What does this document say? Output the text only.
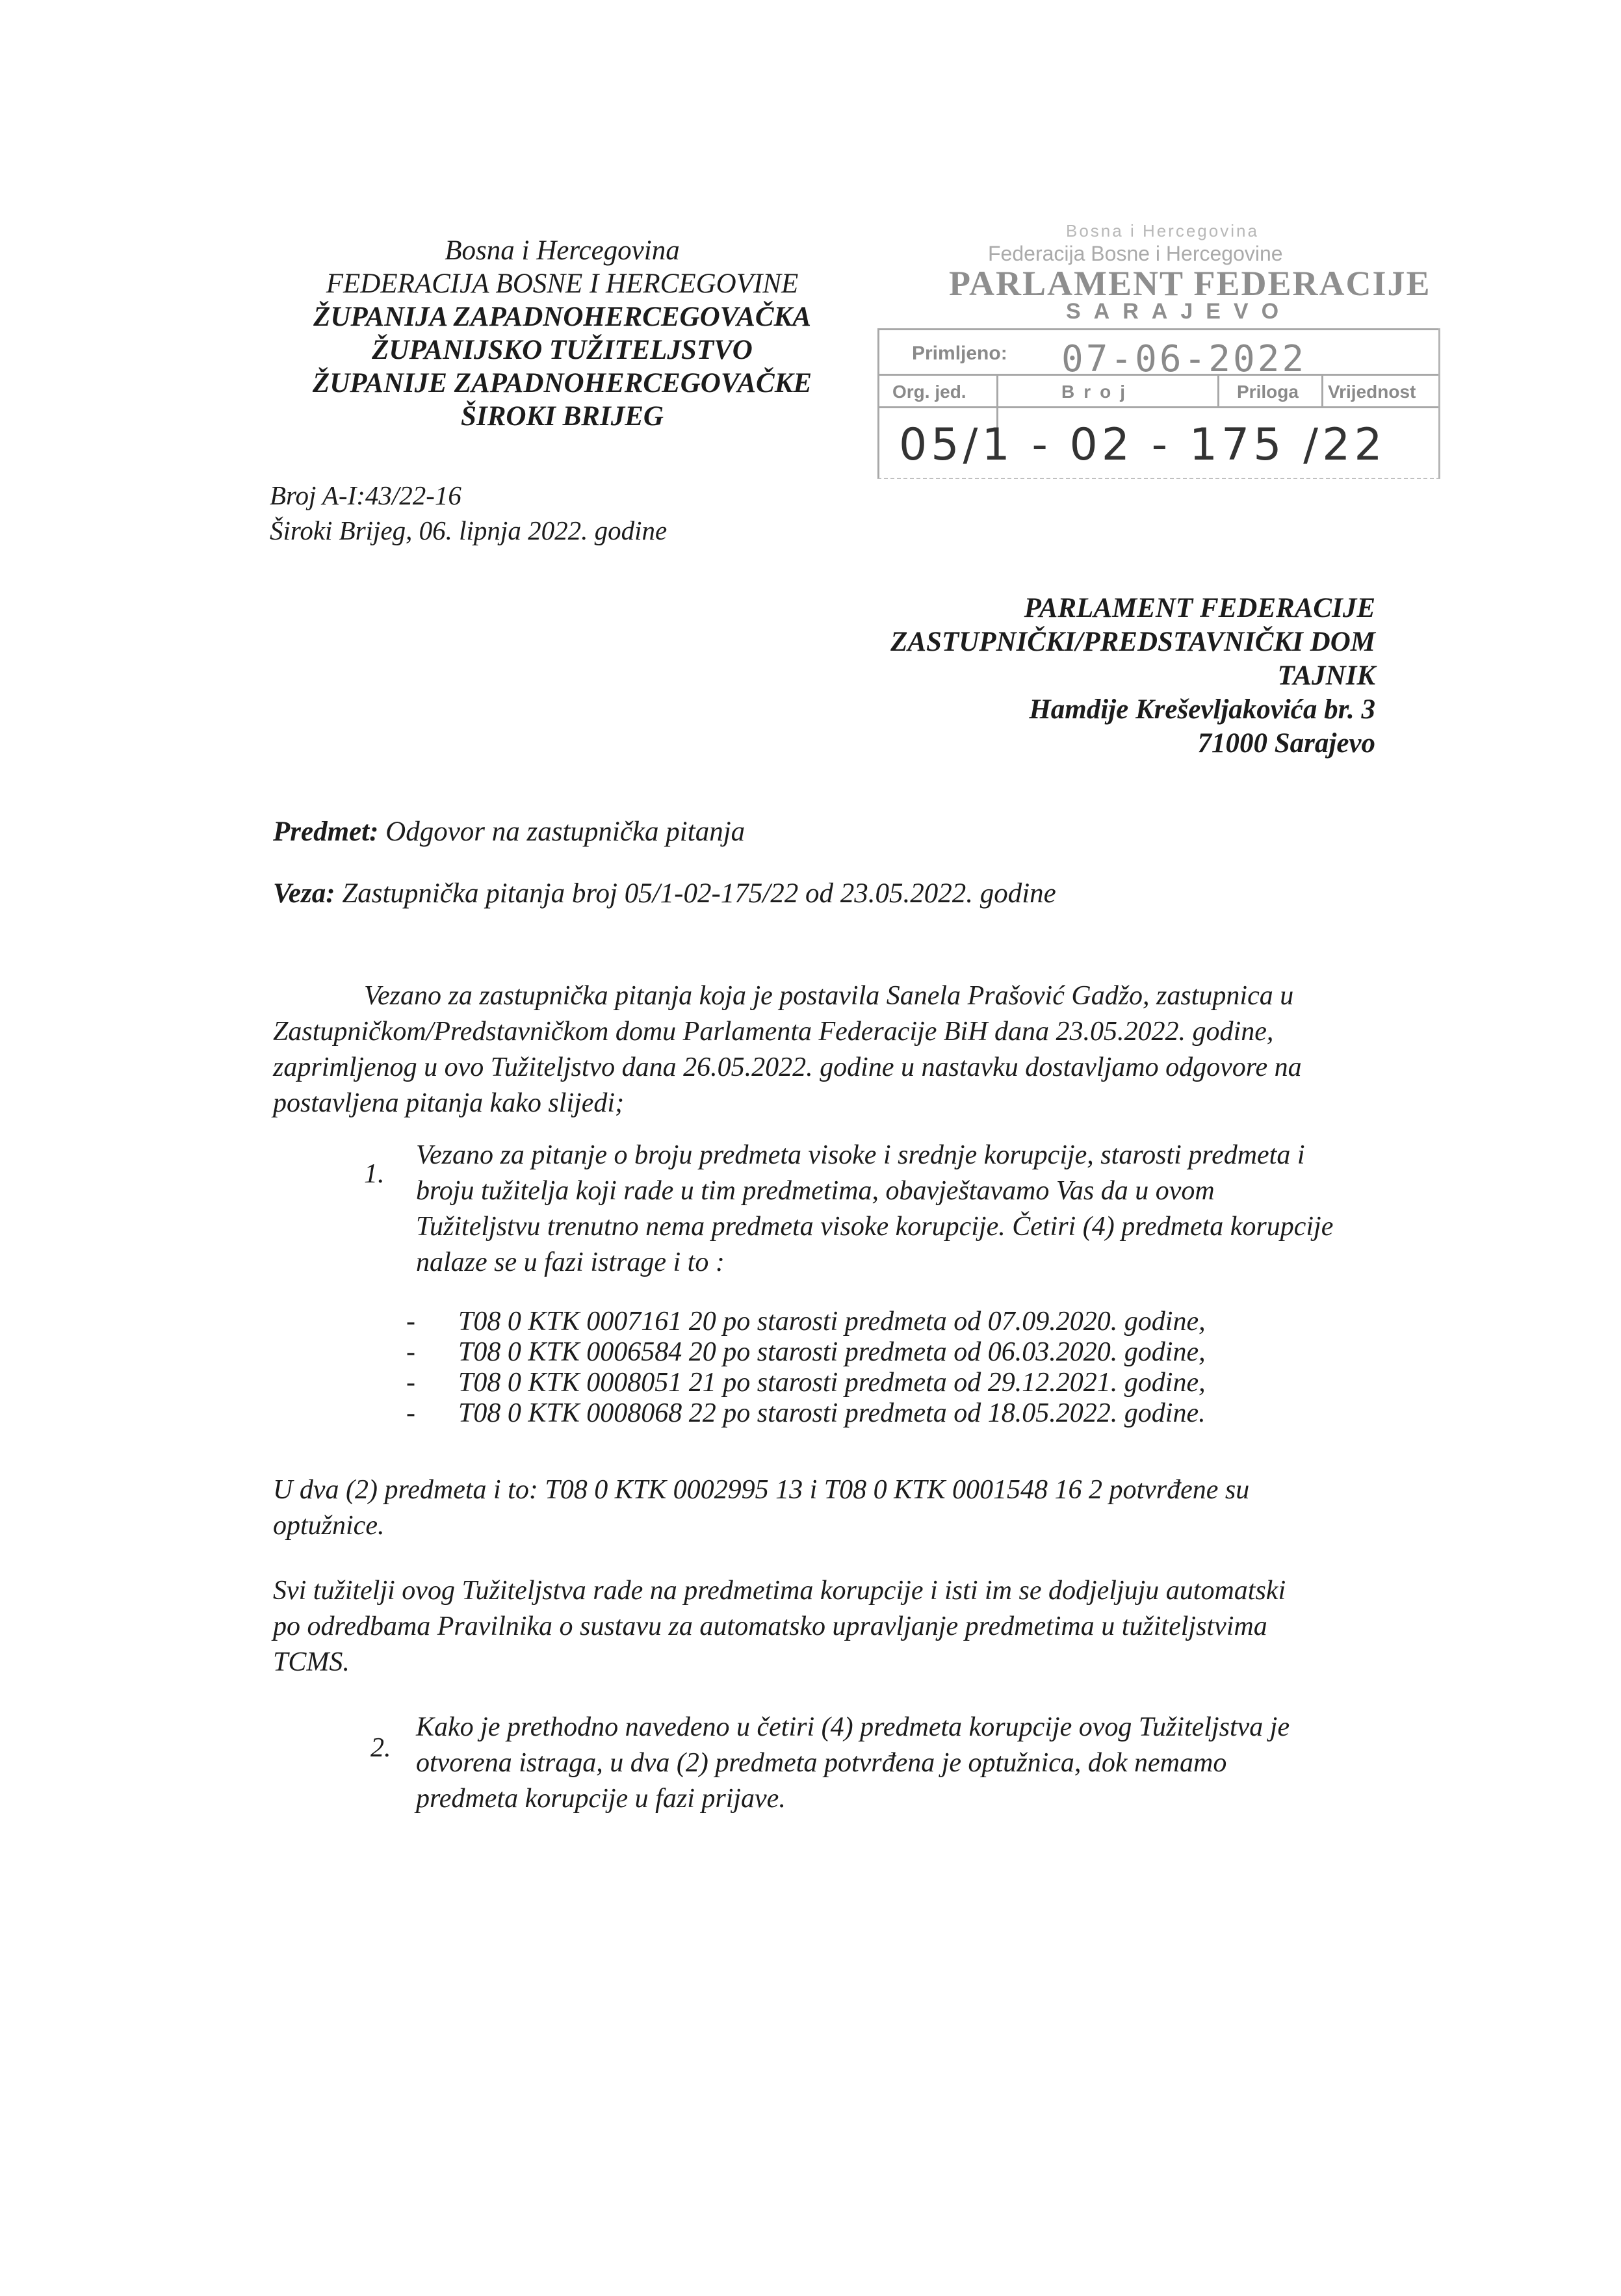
Bosna i Hercegovina
FEDERACIJA BOSNE I HERCEGOVINE
ŽUPANIJA ZAPADNOHERCEGOVAČKA
ŽUPANIJSKO TUŽITELJSTVO
ŽUPANIJE ZAPADNOHERCEGOVAČKE
ŠIROKI BRIJEG
Broj A-I:43/22-16
Široki Brijeg, 06. lipnja 2022. godine
Bosna i Hercegovina
Federacija Bosne i Hercegovine
PARLAMENT FEDERACIJE
SARAJEVO
Primljeno: 07-06-2022
Org. jed.	Broj	Priloga Vrijednost
05/1 - 02 - 175 /22
PARLAMENT FEDERACIJE
ZASTUPNIČKI/PREDSTAVNIČKI DOM
TAJNIK
Hamdije Kreševljakovića br. 3
71000 Sarajevo
Predmet: Odgovor na zastupnička pitanja
Veza: Zastupnička pitanja broj 05/1-02-175/22 od 23.05.2022. godine
Vezano za zastupnička pitanja koja je postavila Sanela Prašović Gadžo, zastupnica u
Zastupničkom/Predstavničkom domu Parlamenta Federacije BiH dana 23.05.2022. godine,
zaprimljenog u ovo Tužiteljstvo dana 26.05.2022. godine u nastavku dostavljamo odgovore na
postavljena pitanja kako slijedi;
1.
Vezano za pitanje o broju predmeta visoke i srednje korupcije, starosti predmeta i
broju tužitelja koji rade u tim predmetima, obavještavamo Vas da u ovom
Tužiteljstvu trenutno nema predmeta visoke korupcije. Četiri (4) predmeta korupcije
nalaze se u fazi istrage i to :
- T08 0 KTK 0007161 20 po starosti predmeta od 07.09.2020. godine,
- T08 0 KTK 0006584 20 po starosti predmeta od 06.03.2020. godine,
- T08 0 KTK 0008051 21 po starosti predmeta od 29.12.2021. godine,
- T08 0 KTK 0008068 22 po starosti predmeta od 18.05.2022. godine.
U dva (2) predmeta i to: T08 0 KTK 0002995 13 i T08 0 KTK 0001548 16 2 potvrđene su
optužnice.
Svi tužitelji ovog Tužiteljstva rade na predmetima korupcije i isti im se dodjeljuju automatski
po odredbama Pravilnika o sustavu za automatsko upravljanje predmetima u tužiteljstvima
TCMS.
2.
Kako je prethodno navedeno u četiri (4) predmeta korupcije ovog Tužiteljstva je
otvorena istraga, u dva (2) predmeta potvrđena je optužnica, dok nemamo
predmeta korupcije u fazi prijave.
